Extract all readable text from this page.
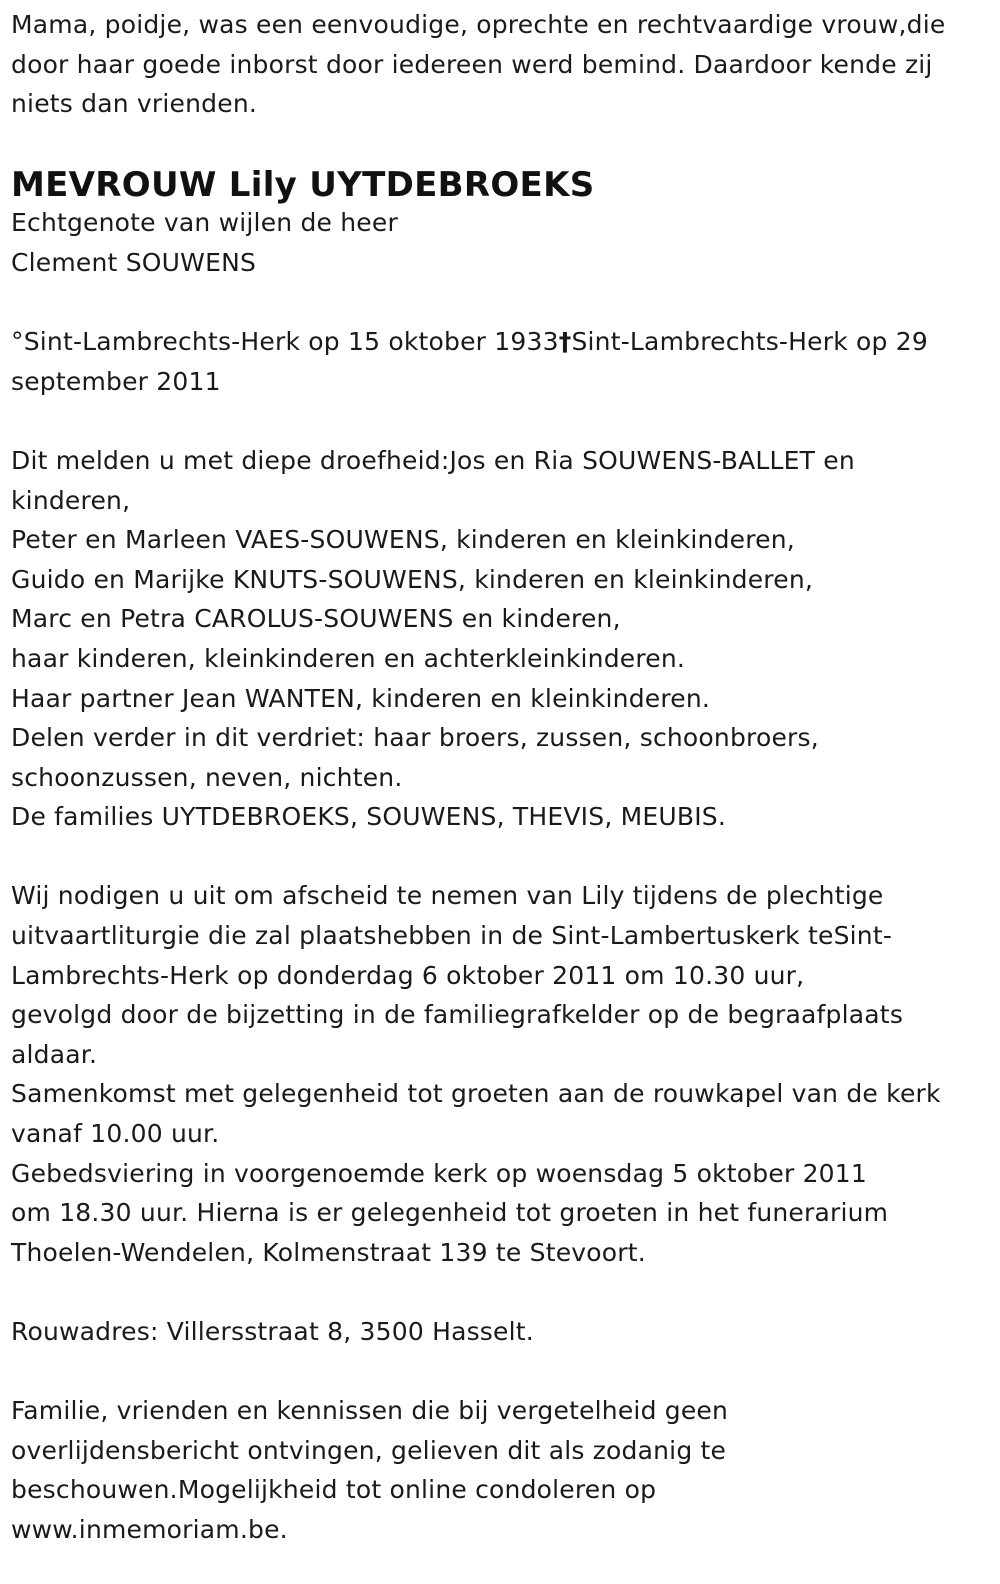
Mama, poidje, was een eenvoudige, oprechte en rechtvaardige vrouw,die
door haar goede inborst door iedereen werd bemind. Daardoor kende zij
niets dan vrienden.
MEVROUW Lily UYTDEBROEKS
Echtgenote van wijlen de heer
Clement SOUWENS
°Sint-Lambrechts-Herk op 15 oktober 1933†Sint-Lambrechts-Herk op 29
september 2011
Dit melden u met diepe droefheid:Jos en Ria SOUWENS-BALLET en
kinderen,
Peter en Marleen VAES-SOUWENS, kinderen en kleinkinderen,
Guido en Marijke KNUTS-SOUWENS, kinderen en kleinkinderen,
Marc en Petra CAROLUS-SOUWENS en kinderen,
haar kinderen, kleinkinderen en achterkleinkinderen.
Haar partner Jean WANTEN, kinderen en kleinkinderen.
Delen verder in dit verdriet: haar broers, zussen, schoonbroers,
schoonzussen, neven, nichten.
De families UYTDEBROEKS, SOUWENS, THEVIS, MEUBIS.
Wij nodigen u uit om afscheid te nemen van Lily tijdens de plechtige
uitvaartliturgie die zal plaatshebben in de Sint-Lambertuskerk teSint-
Lambrechts-Herk op donderdag 6 oktober 2011 om 10.30 uur,
gevolgd door de bijzetting in de familiegrafkelder op de begraafplaats
aldaar.
Samenkomst met gelegenheid tot groeten aan de rouwkapel van de kerk
vanaf 10.00 uur.
Gebedsviering in voorgenoemde kerk op woensdag 5 oktober 2011
om 18.30 uur. Hierna is er gelegenheid tot groeten in het funerarium
Thoelen-Wendelen, Kolmenstraat 139 te Stevoort.
Rouwadres: Villersstraat 8, 3500 Hasselt.
Familie, vrienden en kennissen die bij vergetelheid geen
overlijdensbericht ontvingen, gelieven dit als zodanig te
beschouwen.Mogelijkheid tot online condoleren op
www.inmemoriam.be.
